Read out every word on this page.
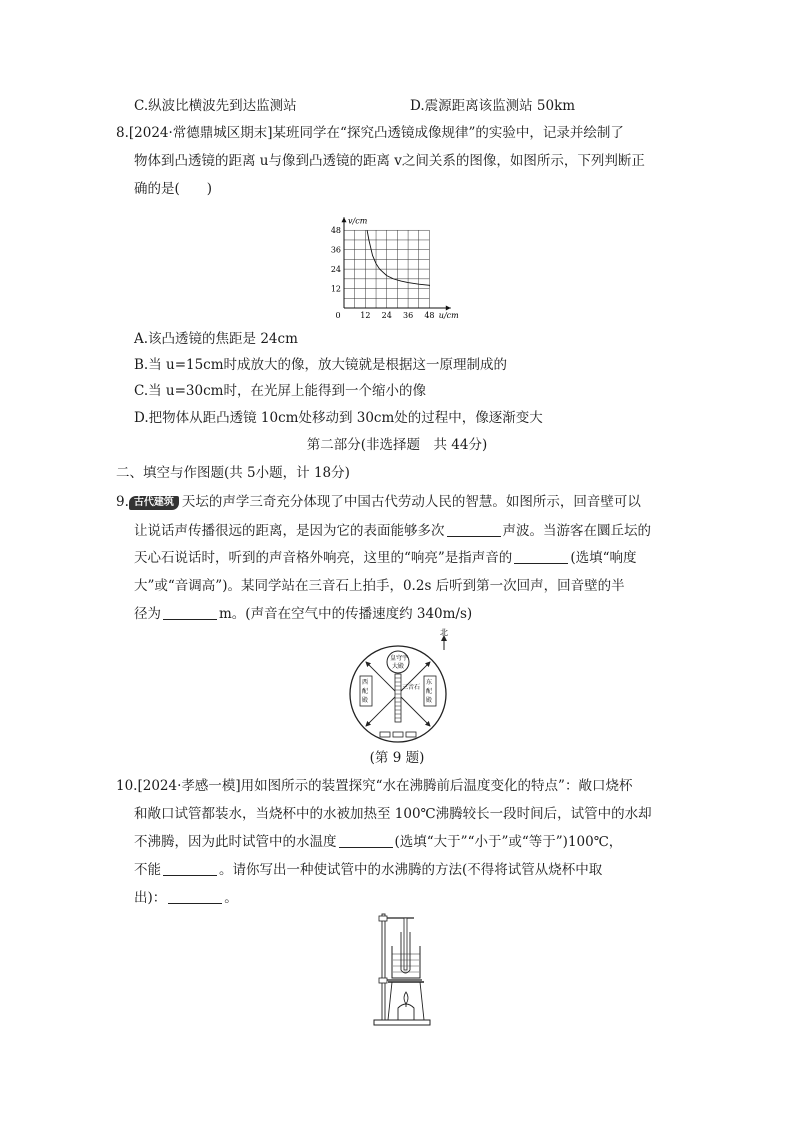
C.纵波比横波先到达监测站	D.震源距离该监测站 50km
8.[2024·常德鼎城区期末]某班同学在“探究凸透镜成像规律”的实验中，记录并绘制了
物体到凸透镜的距离 u与像到凸透镜的距离 v之间关系的图像，如图所示，下列判断正
确的是(　　)
0 12 24 36 48
12
24
36
48
u/cm
v/cm
A.该凸透镜的焦距是 24cm
B.当 u=15cm时成放大的像，放大镜就是根据这一原理制成的
C.当 u=30cm时，在光屏上能得到一个缩小的像
D.把物体从距凸透镜 10cm处移动到 30cm处的过程中，像逐渐变大
第二部分(非选择题　共 44分)
二、填空与作图题(共 5小题，计 18分)
9. 古代建筑 天坛的声学三奇充分体现了中国古代劳动人民的智慧。如图所示，回音壁可以
让说话声传播很远的距离，是因为它的表面能够多次	声波。当游客在圜丘坛的
天心石说话时，听到的声音格外响亮，这里的“响亮”是指声音的	(选填“响度
大”或“音调高”)。某同学站在三音石上拍手，0.2s 后听到第一次回声，回音壁的半
径为	m。(声音在空气中的传播速度约 340m/s)
北
皇穹宇
大殿
三音石
西
配
殿
东
配
殿
(第 9 题)
10.[2024·孝感一模]用如图所示的装置探究“水在沸腾前后温度变化的特点”：敞口烧杯
和敞口试管都装水，当烧杯中的水被加热至 100℃沸腾较长一段时间后，试管中的水却
不沸腾，因为此时试管中的水温度	(选填“大于”“小于”或“等于”)100℃，
不能	。请你写出一种使试管中的水沸腾的方法(不得将试管从烧杯中取
出)：	。
